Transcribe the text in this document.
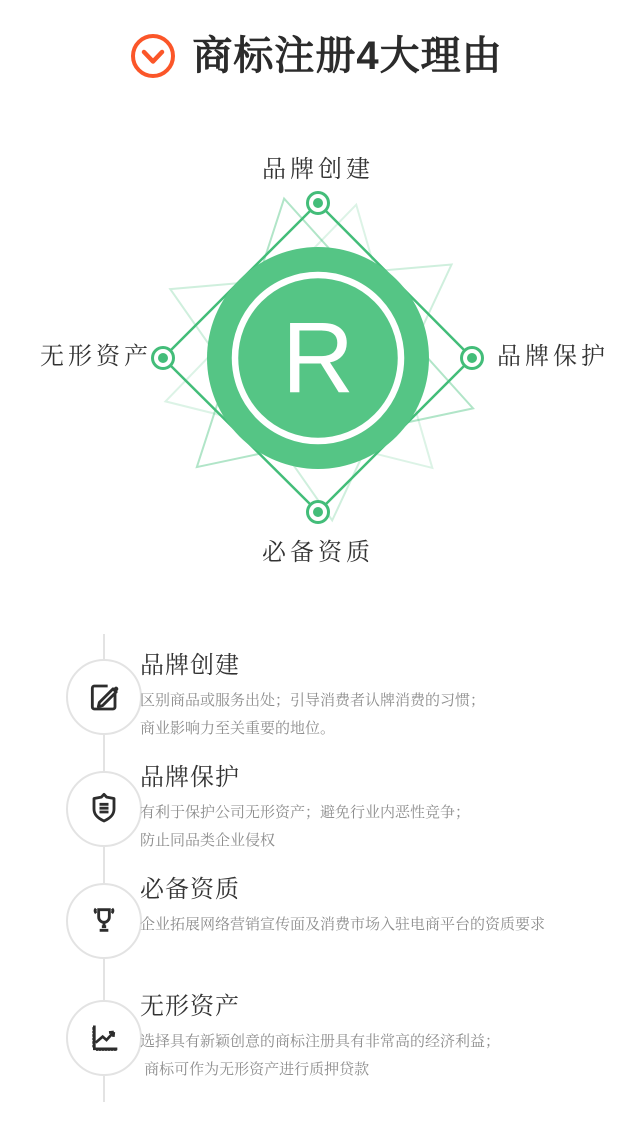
商标注册4大理由
R
品牌创建
无形资产	品牌保护
必备资质
品牌创建
区别商品或服务出处；引导消费者认牌消费的习惯；
商业影响力至关重要的地位。
品牌保护
有利于保护公司无形资产；避免行业内恶性竞争；
防止同品类企业侵权
必备资质
企业拓展网络营销宣传面及消费市场入驻电商平台的资质要求
无形资产
选择具有新颖创意的商标注册具有非常高的经济利益；
商标可作为无形资产进行质押贷款
